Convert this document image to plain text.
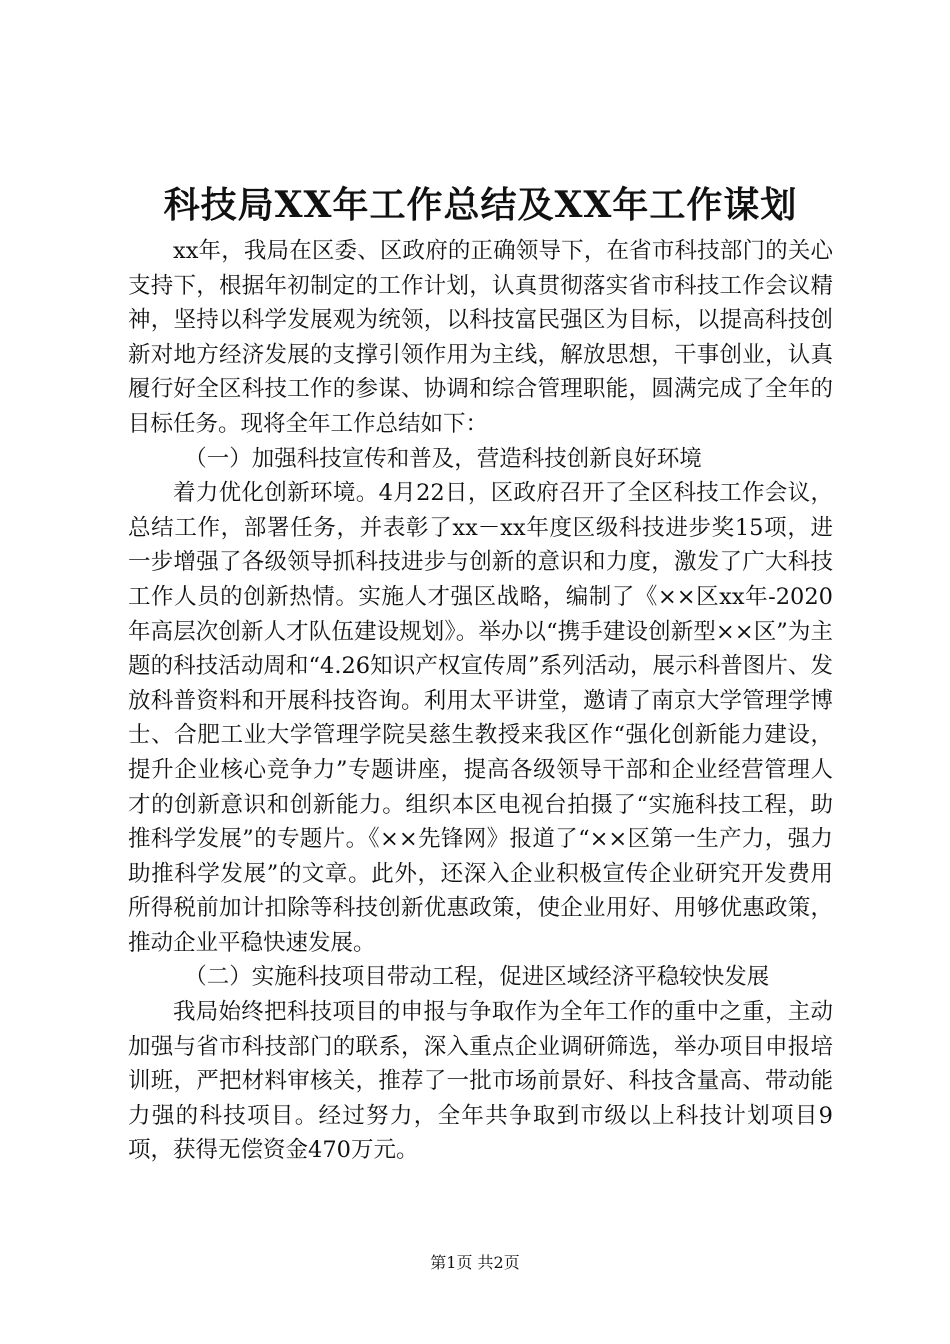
科技局XX年工作总结及XX年工作谋划

xx年，我局在区委、区政府的正确领导下，在省市科技部门的关心支持下，根据年初制定的工作计划，认真贯彻落实省市科技工作会议精神，坚持以科学发展观为统领，以科技富民强区为目标，以提高科技创新对地方经济发展的支撑引领作用为主线，解放思想，干事创业，认真履行好全区科技工作的参谋、协调和综合管理职能，圆满完成了全年的目标任务。现将全年工作总结如下：

（一）加强科技宣传和普及，营造科技创新良好环境

着力优化创新环境。4月22日，区政府召开了全区科技工作会议，总结工作，部署任务，并表彰了xx－xx年度区级科技进步奖15项，进一步增强了各级领导抓科技进步与创新的意识和力度，激发了广大科技工作人员的创新热情。实施人才强区战略，编制了《××区xx年-2020年高层次创新人才队伍建设规划》。举办以“携手建设创新型××区”为主题的科技活动周和“4.26知识产权宣传周”系列活动，展示科普图片、发放科普资料和开展科技咨询。利用太平讲堂，邀请了南京大学管理学博士、合肥工业大学管理学院吴慈生教授来我区作“强化创新能力建设，提升企业核心竞争力”专题讲座，提高各级领导干部和企业经营管理人才的创新意识和创新能力。组织本区电视台拍摄了“实施科技工程，助推科学发展”的专题片。《××先锋网》报道了“××区第一生产力，强力助推科学发展”的文章。此外，还深入企业积极宣传企业研究开发费用所得税前加计扣除等科技创新优惠政策，使企业用好、用够优惠政策，推动企业平稳快速发展。

（二）实施科技项目带动工程，促进区域经济平稳较快发展

我局始终把科技项目的申报与争取作为全年工作的重中之重，主动加强与省市科技部门的联系，深入重点企业调研筛选，举办项目申报培训班，严把材料审核关，推荐了一批市场前景好、科技含量高、带动能力强的科技项目。经过努力，全年共争取到市级以上科技计划项目9项，获得无偿资金470万元。

第1页 共2页
